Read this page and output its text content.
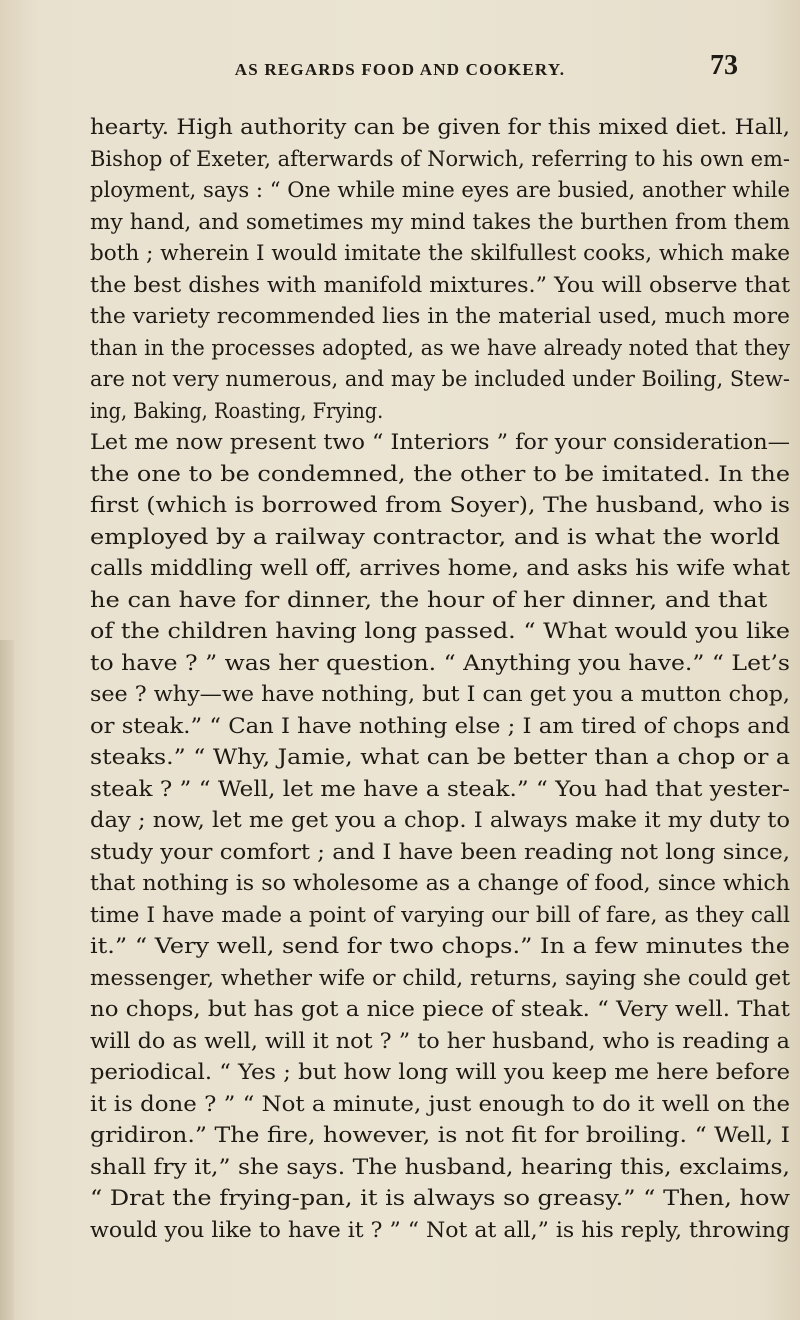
AS REGARDS FOOD AND COOKERY.	73
hearty. High authority can be given for this mixed diet. Hall,
Bishop of Exeter, afterwards of Norwich, referring to his own em-
ployment, says : “ One while mine eyes are busied, another while
my hand, and sometimes my mind takes the burthen from them
both ; wherein I would imitate the skilfullest cooks, which make
the best dishes with manifold mixtures.” You will observe that
the variety recommended lies in the material used, much more
than in the processes adopted, as we have already noted that they
are not very numerous, and may be included under Boiling, Stew-
ing, Baking, Roasting, Frying.
Let me now present two “ Interiors ” for your consideration—
the one to be condemned, the other to be imitated. In the
first (which is borrowed from Soyer), The husband, who is
employed by a railway contractor, and is what the world
calls middling well off, arrives home, and asks his wife what
he can have for dinner, the hour of her dinner, and that
of the children having long passed. “ What would you like
to have ? ” was her question. “ Anything you have.” “ Let’s
see ? why—we have nothing, but I can get you a mutton chop,
or steak.” “ Can I have nothing else ; I am tired of chops and
steaks.” “ Why, Jamie, what can be better than a chop or a
steak ? ” “ Well, let me have a steak.” “ You had that yester-
day ; now, let me get you a chop. I always make it my duty to
study your comfort ; and I have been reading not long since,
that nothing is so wholesome as a change of food, since which
time I have made a point of varying our bill of fare, as they call
it.” “ Very well, send for two chops.” In a few minutes the
messenger, whether wife or child, returns, saying she could get
no chops, but has got a nice piece of steak. “ Very well. That
will do as well, will it not ? ” to her husband, who is reading a
periodical. “ Yes ; but how long will you keep me here before
it is done ? ” “ Not a minute, just enough to do it well on the
gridiron.” The fire, however, is not fit for broiling. “ Well, I
shall fry it,” she says. The husband, hearing this, exclaims,
“ Drat the frying-pan, it is always so greasy.” “ Then, how
would you like to have it ? ” “ Not at all,” is his reply, throwing
